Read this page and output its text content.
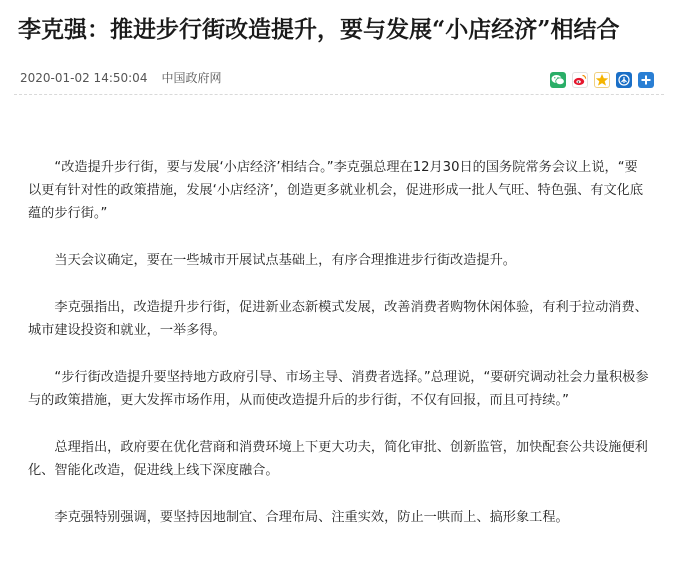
李克强：推进步行街改造提升，要与发展“小店经济”相结合
2020-01-02 14:50:04 中国政府网

“改造提升步行街，要与发展‘小店经济’相结合。”李克强总理在12月30日的国务院常务会议上说，“要以更有针对性的政策措施，发展‘小店经济’，创造更多就业机会，促进形成一批人气旺、特色强、有文化底蕴的步行街。”

当天会议确定，要在一些城市开展试点基础上，有序合理推进步行街改造提升。

李克强指出，改造提升步行街，促进新业态新模式发展，改善消费者购物休闲体验，有利于拉动消费、城市建设投资和就业，一举多得。

“步行街改造提升要坚持地方政府引导、市场主导、消费者选择。”总理说，“要研究调动社会力量积极参与的政策措施，更大发挥市场作用，从而使改造提升后的步行街，不仅有回报，而且可持续。”

总理指出，政府要在优化营商和消费环境上下更大功夫，简化审批、创新监管，加快配套公共设施便利化、智能化改造，促进线上线下深度融合。

李克强特别强调，要坚持因地制宜、合理布局、注重实效，防止一哄而上、搞形象工程。
